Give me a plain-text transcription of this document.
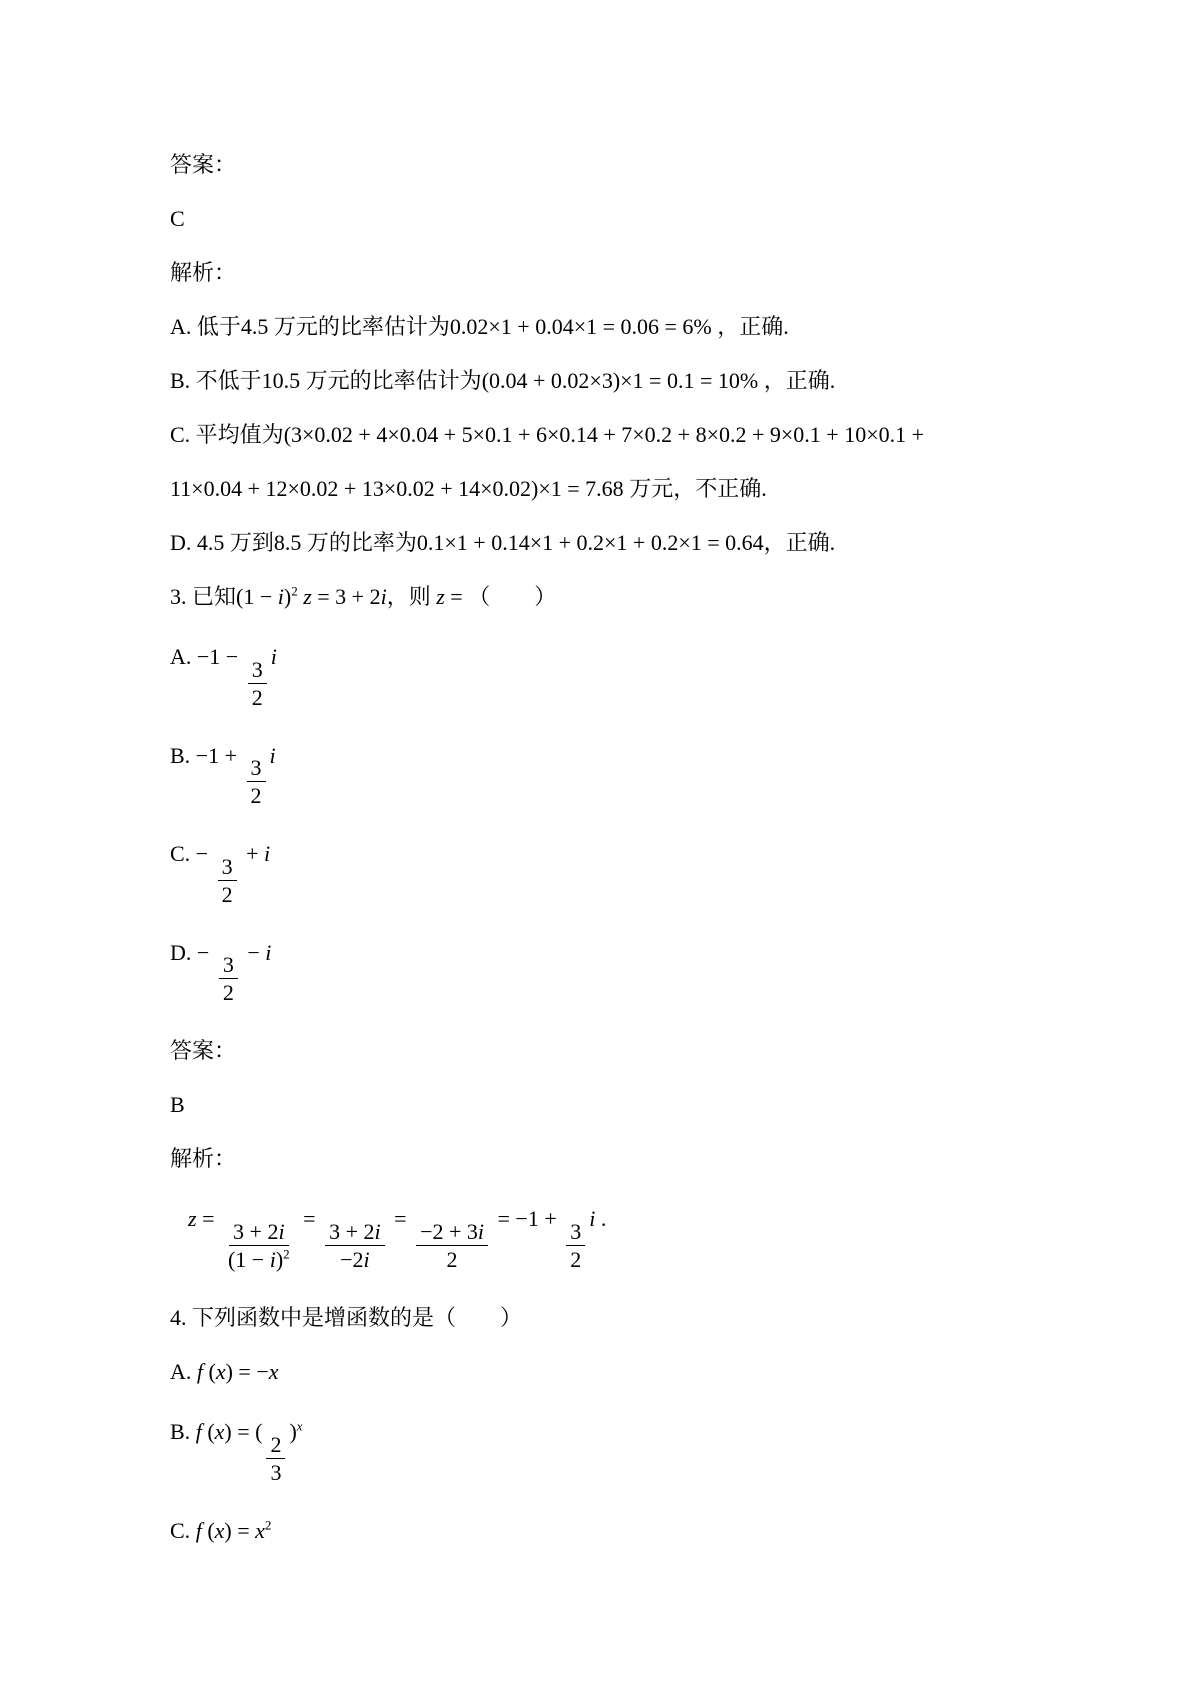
答案：
C
解析：
A. 低于4.5 万元的比率估计为0.02×1 + 0.04×1 = 0.06 = 6% ，正确.
B. 不低于10.5 万元的比率估计为(0.04 + 0.02×3)×1 = 0.1 = 10% ，正确.
C. 平均值为(3×0.02 + 4×0.04 + 5×0.1 + 6×0.14 + 7×0.2 + 8×0.2 + 9×0.1 + 10×0.1 +
11×0.04 + 12×0.02 + 13×0.02 + 14×0.02)×1 = 7.68 万元，不正确.
D. 4.5 万到8.5 万的比率为0.1×1 + 0.14×1 + 0.2×1 + 0.2×1 = 0.64，正确.
3. 已知$(1 - i)^2$ z = 3 + 2i，则 z = （　　）
A. $-1 - \frac{3}{2}$ i
B. $-1 + \frac{3}{2}$ i
C. − $\frac{3}{2} + i$
D. − $\frac{3}{2} - i$
答案：
B
解析：
$z = \frac{3 + 2i}{(1 - i)^2} = \frac{3 + 2i}{-2i} = \frac{-2 + 3i}{2} = -1 + \frac{3}{2}$ i .
4. 下列函数中是增函数的是（　　）
A. f (x) = −x
B. f (x) = ( $\frac{2}{3} )^x$
C. f $(x) = x^2$
